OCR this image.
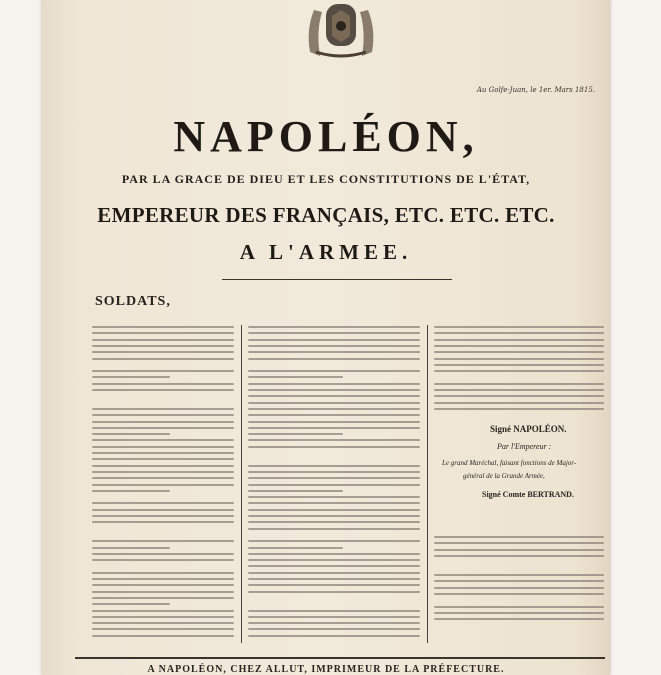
Au Golfe-Juan, le 1er. Mars 1815.
NAPOLÉON,
PAR LA GRACE DE DIEU ET LES CONSTITUTIONS DE L'ÉTAT,
EMPEREUR DES FRANÇAIS, ETC. ETC. ETC.
A L'ARMEE.
SOLDATS,
Signé NAPOLÉON.
Par l'Empereur :
Le grand Maréchal, faisant fonctions de Major-
général de la Grande Armée,
Signé Comte BERTRAND.
A NAPOLÉON, CHEZ ALLUT, IMPRIMEUR DE LA PRÉFECTURE.
